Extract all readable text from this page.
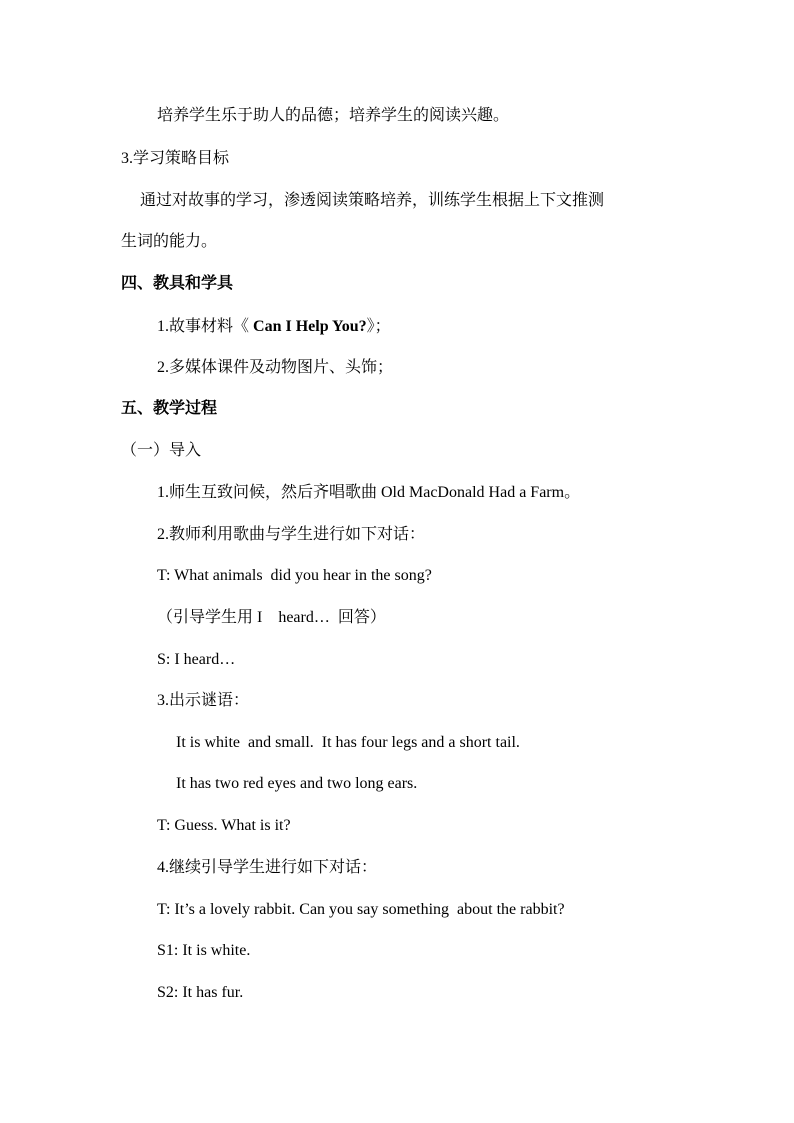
培养学生乐于助人的品德；培养学生的阅读兴趣。
3.学习策略目标
通过对故事的学习，渗透阅读策略培养，训练学生根据上下文推测
生词的能力。
四、教具和学具
1.故事材料《 Can I Help You?》；
2.多媒体课件及动物图片、头饰；
五、教学过程
（一）导入
1.师生互致问候，然后齐唱歌曲 Old MacDonald Had a Farm。
2.教师利用歌曲与学生进行如下对话：
T: What animals  did you hear in the song?
（引导学生用 I    heard…  回答）
S: I heard…
3.出示谜语：
It is white  and small.  It has four legs and a short tail.
It has two red eyes and two long ears.
T: Guess. What is it?
4.继续引导学生进行如下对话：
T: It’s a lovely rabbit. Can you say something  about the rabbit?
S1: It is white.
S2: It has fur.
